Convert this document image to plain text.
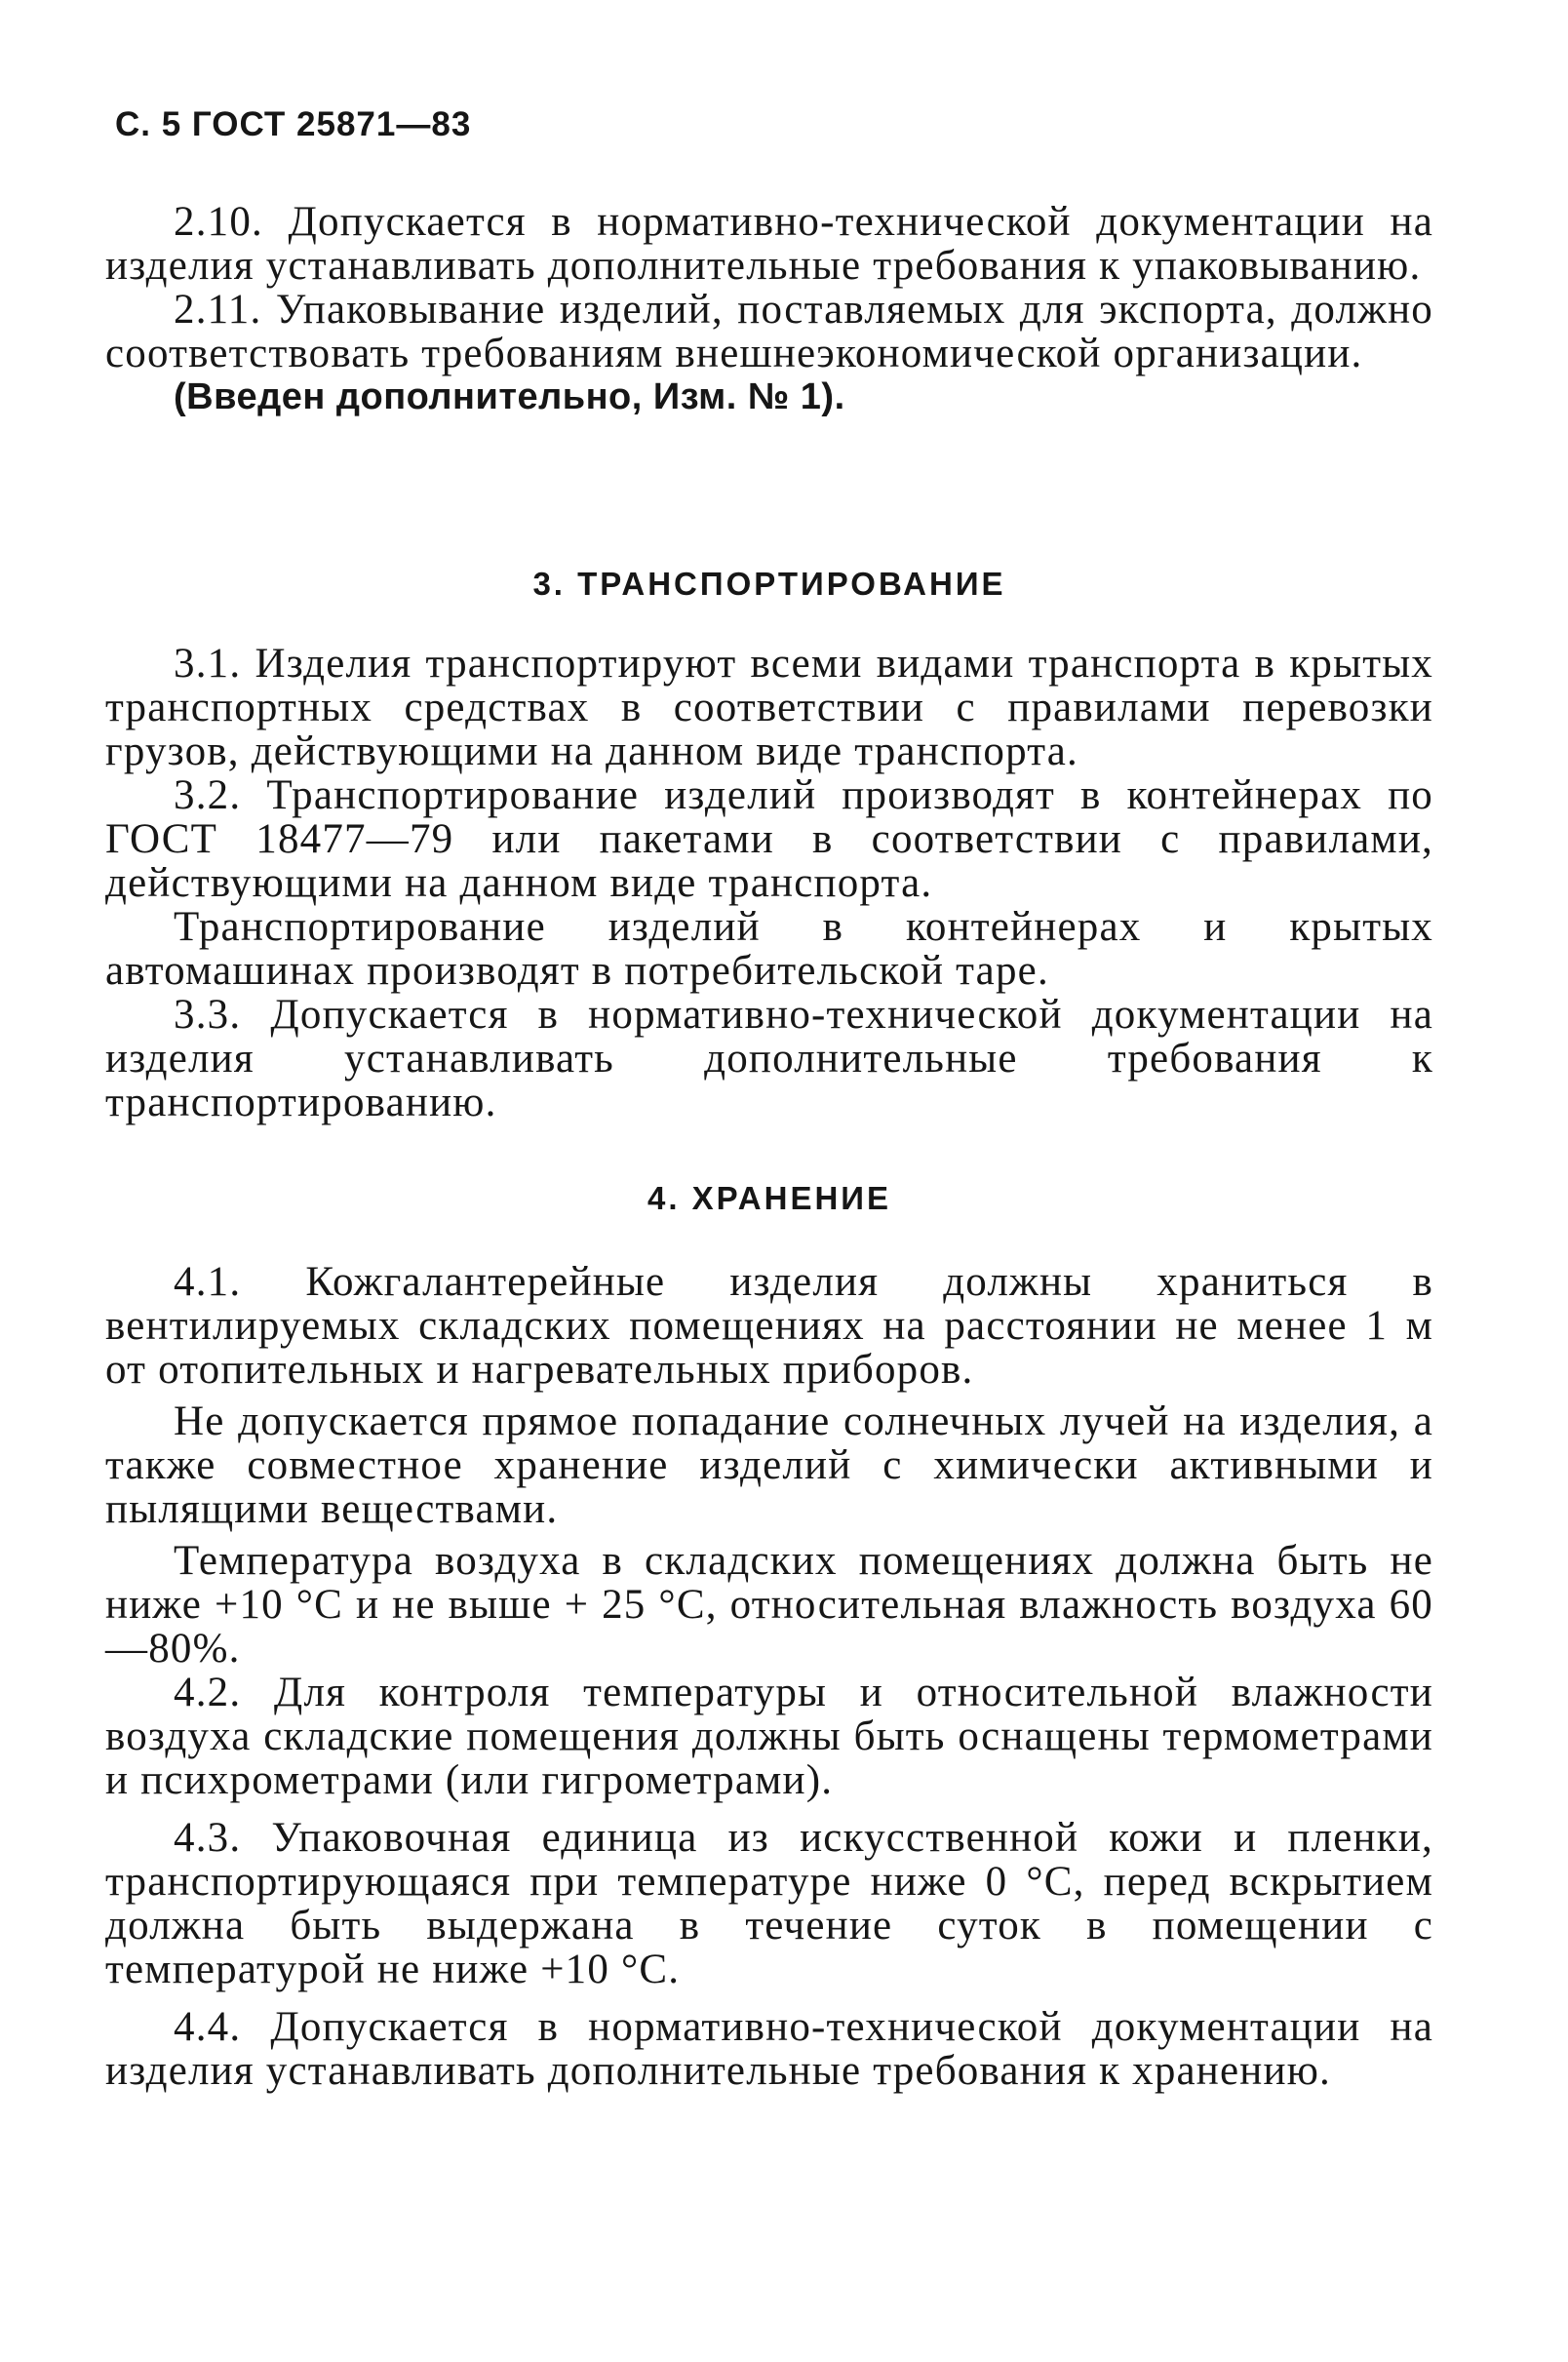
С. 5 ГОСТ 25871—83

2.10. Допускается в нормативно-технической документации на изделия устанавливать дополнительные требования к упаковыванию.

2.11. Упаковывание изделий, поставляемых для экспорта, должно соответствовать требованиям внешнеэкономической организации.

(Введен дополнительно, Изм. № 1).

3. ТРАНСПОРТИРОВАНИЕ

3.1. Изделия транспортируют всеми видами транспорта в крытых транспортных средствах в соответствии с правилами перевозки грузов, действующими на данном виде транспорта.

3.2. Транспортирование изделий производят в контейнерах по ГОСТ 18477—79 или пакетами в соответствии с правилами, действующими на данном виде транспорта.

Транспортирование изделий в контейнерах и крытых автомашинах производят в потребительской таре.

3.3. Допускается в нормативно-технической документации на изделия устанавливать дополнительные требования к транспортированию.

4. ХРАНЕНИЕ

4.1. Кожгалантерейные изделия должны храниться в вентилируемых складских помещениях на расстоянии не менее 1 м от отопительных и нагревательных приборов.

Не допускается прямое попадание солнечных лучей на изделия, а также совместное хранение изделий с химически активными и пылящими веществами.

Температура воздуха в складских помещениях должна быть не ниже +10 °С и не выше + 25 °С, относительная влажность воздуха 60—80%.

4.2. Для контроля температуры и относительной влажности воздуха складские помещения должны быть оснащены термометрами и психрометрами (или гигрометрами).

4.3. Упаковочная единица из искусственной кожи и пленки, транспортирующаяся при температуре ниже 0 °С, перед вскрытием должна быть выдержана в течение суток в помещении с температурой не ниже +10 °С.

4.4. Допускается в нормативно-технической документации на изделия устанавливать дополнительные требования к хранению.
